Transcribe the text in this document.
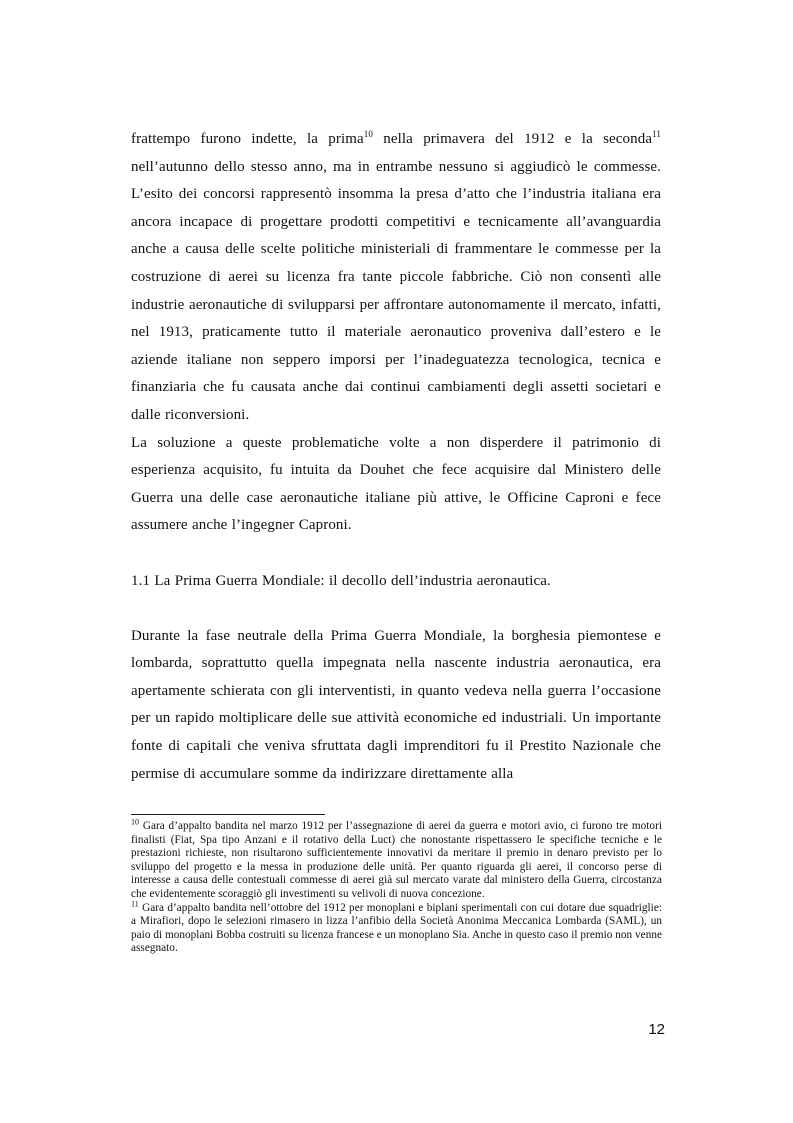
frattempo furono indette, la prima$^{10}$ nella primavera del 1912 e la seconda$^{11}$ nell’autunno dello stesso anno, ma in entrambe nessuno si aggiudicò le commesse. L’esito dei concorsi rappresentò insomma la presa d’atto che l’industria italiana era ancora incapace di progettare prodotti competitivi e tecnicamente all’avanguardia anche a causa delle scelte politiche ministeriali di frammentare le commesse per la costruzione di aerei su licenza fra tante piccole fabbriche. Ciò non consentì alle industrie aeronautiche di svilupparsi per affrontare autonomamente il mercato, infatti, nel 1913, praticamente tutto il materiale aeronautico proveniva dall’estero e le aziende italiane non seppero imporsi per l’inadeguatezza tecnologica, tecnica e finanziaria che fu causata anche dai continui cambiamenti degli assetti societari e dalle riconversioni.

La soluzione a queste problematiche volte a non disperdere il patrimonio di esperienza acquisito, fu intuita da Douhet che fece acquisire dal Ministero delle Guerra una delle case aeronautiche italiane più attive, le Officine Caproni e fece assumere anche l’ingegner Caproni.

1.1 La Prima Guerra Mondiale: il decollo dell’industria aeronautica.

Durante la fase neutrale della Prima Guerra Mondiale, la borghesia piemontese e lombarda, soprattutto quella impegnata nella nascente industria aeronautica, era apertamente schierata con gli interventisti, in quanto vedeva nella guerra l’occasione per un rapido moltiplicare delle sue attività economiche ed industriali. Un importante fonte di capitali che veniva sfruttata dagli imprenditori fu il Prestito Nazionale che permise di accumulare somme da indirizzare direttamente alla

$^{10}$ Gara d’appalto bandita nel marzo 1912 per l’assegnazione di aerei da guerra e motori avio, ci furono tre motori finalisti (Fiat, Spa tipo Anzani e il rotativo della Luct) che nonostante rispettassero le specifiche tecniche e le prestazioni richieste, non risultarono sufficientemente innovativi da meritare il premio in denaro previsto per lo sviluppo del progetto e la messa in produzione delle unità. Per quanto riguarda gli aerei, il concorso perse di interesse a causa delle contestuali commesse di aerei già sul mercato varate dal ministero della Guerra, circostanza che evidentemente scoraggiò gli investimenti su velivoli di nuova concezione.

$^{11}$ Gara d’appalto bandita nell’ottobre del 1912 per monoplani e biplani sperimentali con cui dotare due squadriglie: a Mirafiori, dopo le selezioni rimasero in lizza l’anfibio della Società Anonima Meccanica Lombarda (SAML), un paio di monoplani Bobba costruiti su licenza francese e un monoplano Sia. Anche in questo caso il premio non venne assegnato.

12
